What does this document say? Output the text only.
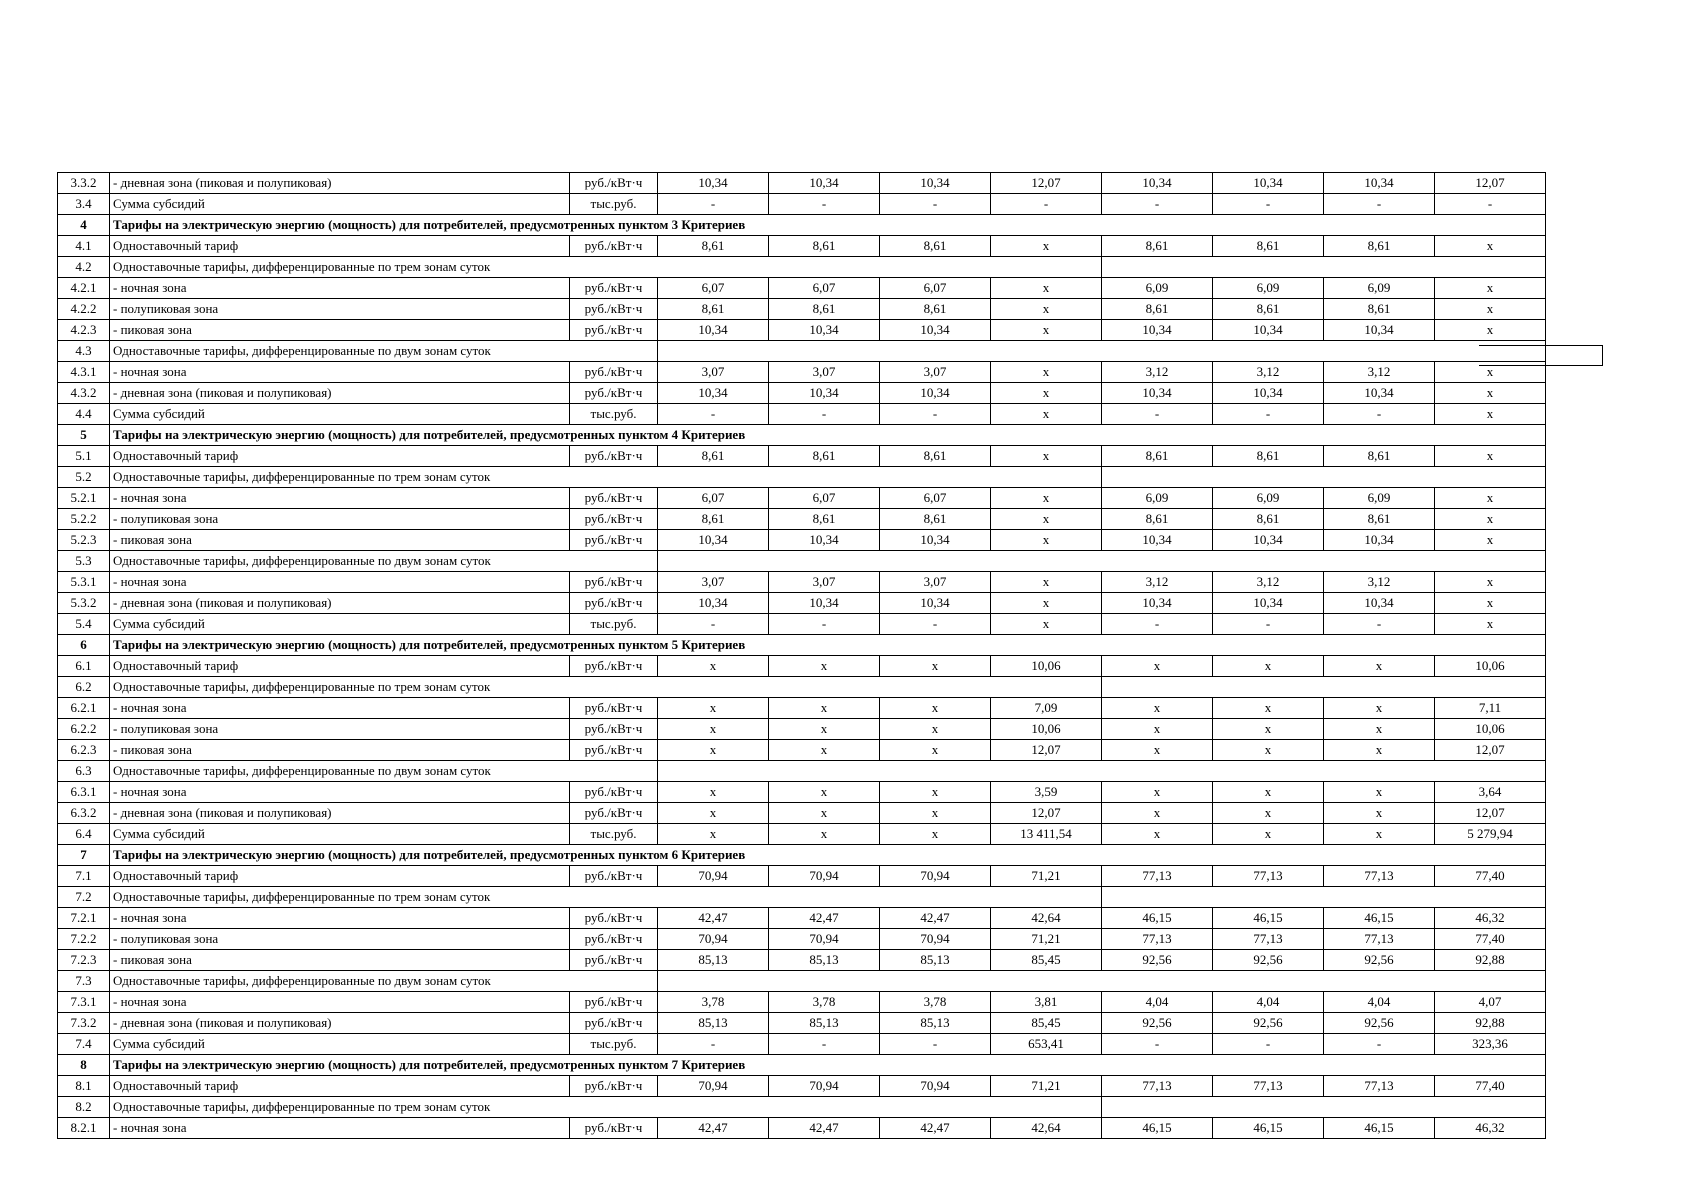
3.3.2	- дневная зона (пиковая и полупиковая)	руб./кВт·ч	10,34	10,34	10,34	12,07	10,34	10,34	10,34	12,07
3.4	Сумма субсидий	тыс.руб.	-	-	-	-	-	-	-	-
4	Тарифы на электрическую энергию (мощность) для потребителей, предусмотренных пунктом 3 Критериев									
4.1	Одноставочный тариф	руб./кВт·ч	8,61	8,61	8,61	x	8,61	8,61	8,61	x
4.2	Одноставочные тарифы, дифференцированные по трем зонам суток									
4.2.1	- ночная зона	руб./кВт·ч	6,07	6,07	6,07	x	6,09	6,09	6,09	x
4.2.2	- полупиковая зона	руб./кВт·ч	8,61	8,61	8,61	x	8,61	8,61	8,61	x
4.2.3	- пиковая зона	руб./кВт·ч	10,34	10,34	10,34	x	10,34	10,34	10,34	x
4.3	Одноставочные тарифы, дифференцированные по двум зонам суток									
4.3.1	- ночная зона	руб./кВт·ч	3,07	3,07	3,07	x	3,12	3,12	3,12	x
4.3.2	- дневная зона (пиковая и полупиковая)	руб./кВт·ч	10,34	10,34	10,34	x	10,34	10,34	10,34	x
4.4	Сумма субсидий	тыс.руб.	-	-	-	x	-	-	-	x
5	Тарифы на электрическую энергию (мощность) для потребителей, предусмотренных пунктом 4 Критериев									
5.1	Одноставочный тариф	руб./кВт·ч	8,61	8,61	8,61	x	8,61	8,61	8,61	x
5.2	Одноставочные тарифы, дифференцированные по трем зонам суток									
5.2.1	- ночная зона	руб./кВт·ч	6,07	6,07	6,07	x	6,09	6,09	6,09	x
5.2.2	- полупиковая зона	руб./кВт·ч	8,61	8,61	8,61	x	8,61	8,61	8,61	x
5.2.3	- пиковая зона	руб./кВт·ч	10,34	10,34	10,34	x	10,34	10,34	10,34	x
5.3	Одноставочные тарифы, дифференцированные по двум зонам суток									
5.3.1	- ночная зона	руб./кВт·ч	3,07	3,07	3,07	x	3,12	3,12	3,12	x
5.3.2	- дневная зона (пиковая и полупиковая)	руб./кВт·ч	10,34	10,34	10,34	x	10,34	10,34	10,34	x
5.4	Сумма субсидий	тыс.руб.	-	-	-	x	-	-	-	x
6	Тарифы на электрическую энергию (мощность) для потребителей, предусмотренных пунктом 5 Критериев									
6.1	Одноставочный тариф	руб./кВт·ч	x	x	x	10,06	x	x	x	10,06
6.2	Одноставочные тарифы, дифференцированные по трем зонам суток									
6.2.1	- ночная зона	руб./кВт·ч	x	x	x	7,09	x	x	x	7,11
6.2.2	- полупиковая зона	руб./кВт·ч	x	x	x	10,06	x	x	x	10,06
6.2.3	- пиковая зона	руб./кВт·ч	x	x	x	12,07	x	x	x	12,07
6.3	Одноставочные тарифы, дифференцированные по двум зонам суток									
6.3.1	- ночная зона	руб./кВт·ч	x	x	x	3,59	x	x	x	3,64
6.3.2	- дневная зона (пиковая и полупиковая)	руб./кВт·ч	x	x	x	12,07	x	x	x	12,07
6.4	Сумма субсидий	тыс.руб.	x	x	x	13 411,54	x	x	x	5 279,94
7	Тарифы на электрическую энергию (мощность) для потребителей, предусмотренных пунктом 6 Критериев									
7.1	Одноставочный тариф	руб./кВт·ч	70,94	70,94	70,94	71,21	77,13	77,13	77,13	77,40
7.2	Одноставочные тарифы, дифференцированные по трем зонам суток									
7.2.1	- ночная зона	руб./кВт·ч	42,47	42,47	42,47	42,64	46,15	46,15	46,15	46,32
7.2.2	- полупиковая зона	руб./кВт·ч	70,94	70,94	70,94	71,21	77,13	77,13	77,13	77,40
7.2.3	- пиковая зона	руб./кВт·ч	85,13	85,13	85,13	85,45	92,56	92,56	92,56	92,88
7.3	Одноставочные тарифы, дифференцированные по двум зонам суток									
7.3.1	- ночная зона	руб./кВт·ч	3,78	3,78	3,78	3,81	4,04	4,04	4,04	4,07
7.3.2	- дневная зона (пиковая и полупиковая)	руб./кВт·ч	85,13	85,13	85,13	85,45	92,56	92,56	92,56	92,88
7.4	Сумма субсидий	тыс.руб.	-	-	-	653,41	-	-	-	323,36
8	Тарифы на электрическую энергию (мощность) для потребителей, предусмотренных пунктом 7 Критериев									
8.1	Одноставочный тариф	руб./кВт·ч	70,94	70,94	70,94	71,21	77,13	77,13	77,13	77,40
8.2	Одноставочные тарифы, дифференцированные по трем зонам суток									
8.2.1	- ночная зона	руб./кВт·ч	42,47	42,47	42,47	42,64	46,15	46,15	46,15	46,32
